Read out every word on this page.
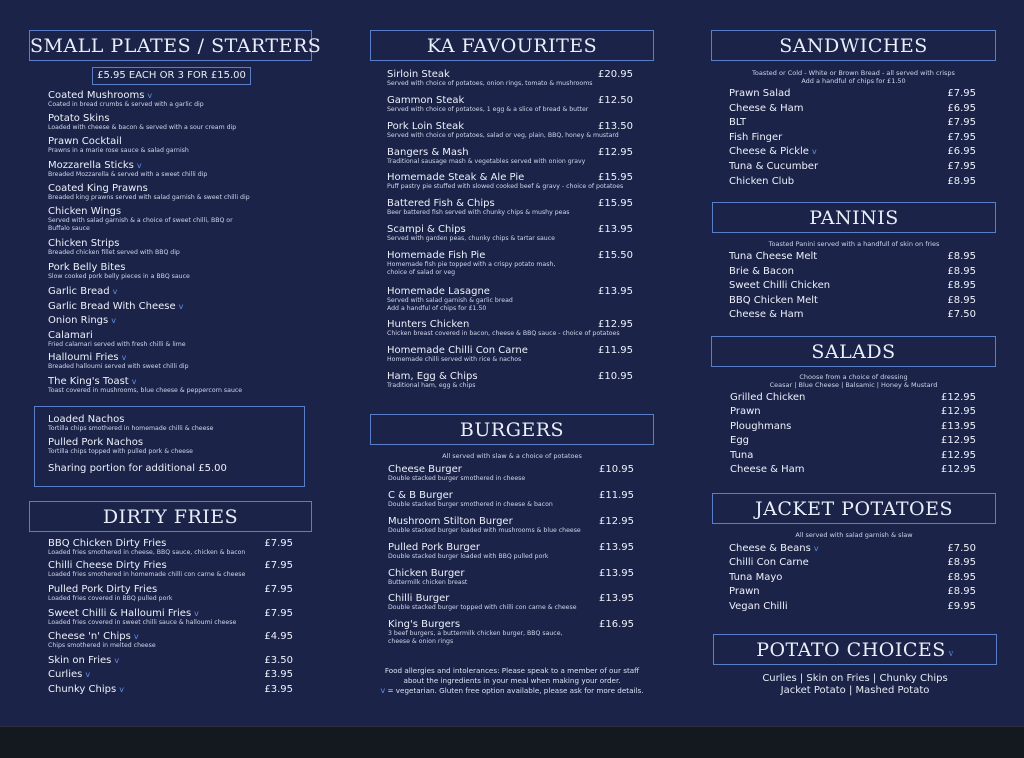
SMALL PLATES / STARTERS
£5.95 EACH OR 3 FOR £15.00
Sharing portion for additional £5.00
DIRTY FRIES
KA FAVOURITES
BURGERS
All served with slaw & a choice of potatoes
Food allergies and intolerances: Please speak to a member of our staff
about the ingredients in your meal when making your order.
v = vegetarian. Gluten free option available, please ask for more details.
SANDWICHES
Toasted or Cold - White or Brown Bread - all served with crisps
Add a handful of chips for £1.50
PANINIS
Toasted Panini served with a handfull of skin on fries
SALADS
Choose from a choice of dressing
Ceasar | Blue Cheese | Balsamic | Honey & Mustard
JACKET POTATOES
All served with salad garnish & slaw
POTATO CHOICES v
Curlies | Skin on Fries | Chunky Chips
Jacket Potato | Mashed Potato
Coated Mushrooms v
Coated in bread crumbs & served with a garlic dip
Potato Skins
Loaded with cheese & bacon & served with a sour cream dip
Prawn Cocktail
Prawns in a marie rose sauce & salad garnish
Mozzarella Sticks v
Breaded Mozzarella & served with a sweet chilli dip
Coated King Prawns
Breaded king prawns served with salad garnish & sweet chilli dip
Chicken Wings
Served with salad garnish & a choice of sweet chilli, BBQ or
Buffalo sauce
Chicken Strips
Breaded chicken fillet served with BBQ dip
Pork Belly Bites
Slow cooked pork belly pieces in a BBQ sauce
Garlic Bread v
Garlic Bread With Cheese v
Onion Rings v
Calamari
Fried calamari served with fresh chilli & lime
Halloumi Fries v
Breaded halloumi served with sweet chilli dip
The King's Toast v
Toast covered in mushrooms, blue cheese & peppercorn sauce
Loaded Nachos
Tortilla chips smothered in homemade chilli & cheese
Pulled Pork Nachos
Tortilla chips topped with pulled pork & cheese
BBQ Chicken Dirty Fries
Loaded fries smothered in cheese, BBQ sauce, chicken & bacon
£7.95
Chilli Cheese Dirty Fries
Loaded fries smothered in homemade chilli con carne & cheese
£7.95
Pulled Pork Dirty Fries
Loaded fries covered in BBQ pulled pork
£7.95
Sweet Chilli & Halloumi Fries v
Loaded fries covered in sweet chilli sauce & halloumi cheese
£7.95
Cheese 'n' Chips v
Chips smothered in melted cheese
£4.95
Skin on Fries v	£3.50
Curlies v	£3.95
Chunky Chips v	£3.95
Sirloin Steak
Served with choice of potatoes, onion rings, tomato & mushrooms
£20.95
Gammon Steak
Served with choice of potatoes, 1 egg & a slice of bread & butter
£12.50
Pork Loin Steak
Served with choice of potatoes, salad or veg, plain, BBQ, honey & mustard
£13.50
Bangers & Mash
Traditional sausage mash & vegetables served with onion gravy
£12.95
Homemade Steak & Ale Pie
Puff pastry pie stuffed with slowed cooked beef & gravy - choice of potatoes
£15.95
Battered Fish & Chips
Beer battered fish served with chunky chips & mushy peas
£15.95
Scampi & Chips
Served with garden peas, chunky chips & tartar sauce
£13.95
Homemade Fish Pie
Homemade fish pie topped with a crispy potato mash,
choice of salad or veg
£15.50
Homemade Lasagne
Served with salad garnish & garlic bread
Add a handful of chips for £1.50
£13.95
Hunters Chicken
Chicken breast covered in bacon, cheese & BBQ sauce - choice of potatoes
£12.95
Homemade Chilli Con Carne
Homemade chilli served with rice & nachos
£11.95
Ham, Egg & Chips
Traditional ham, egg & chips
£10.95
Cheese Burger
Double stacked burger smothered in cheese
£10.95
C & B Burger
Double stacked burger smothered in cheese & bacon
£11.95
Mushroom Stilton Burger
Double stacked burger loaded with mushrooms & blue cheese
£12.95
Pulled Pork Burger
Double stacked burger loaded with BBQ pulled pork
£13.95
Chicken Burger
Buttermilk chicken breast
£13.95
Chilli Burger
Double stacked burger topped with chilli con carne & cheese
£13.95
King's Burgers
3 beef burgers, a buttermilk chicken burger, BBQ sauce,
cheese & onion rings
£16.95
Prawn Salad	£7.95
Cheese & Ham	£6.95
BLT	£7.95
Fish Finger	£7.95
Cheese & Pickle v	£6.95
Tuna & Cucumber	£7.95
Chicken Club	£8.95
Tuna Cheese Melt	£8.95
Brie & Bacon	£8.95
Sweet Chilli Chicken	£8.95
BBQ Chicken Melt	£8.95
Cheese & Ham	£7.50
Grilled Chicken	£12.95
Prawn	£12.95
Ploughmans	£13.95
Egg	£12.95
Tuna	£12.95
Cheese & Ham	£12.95
Cheese & Beans v	£7.50
Chilli Con Carne	£8.95
Tuna Mayo	£8.95
Prawn	£8.95
Vegan Chilli	£9.95
